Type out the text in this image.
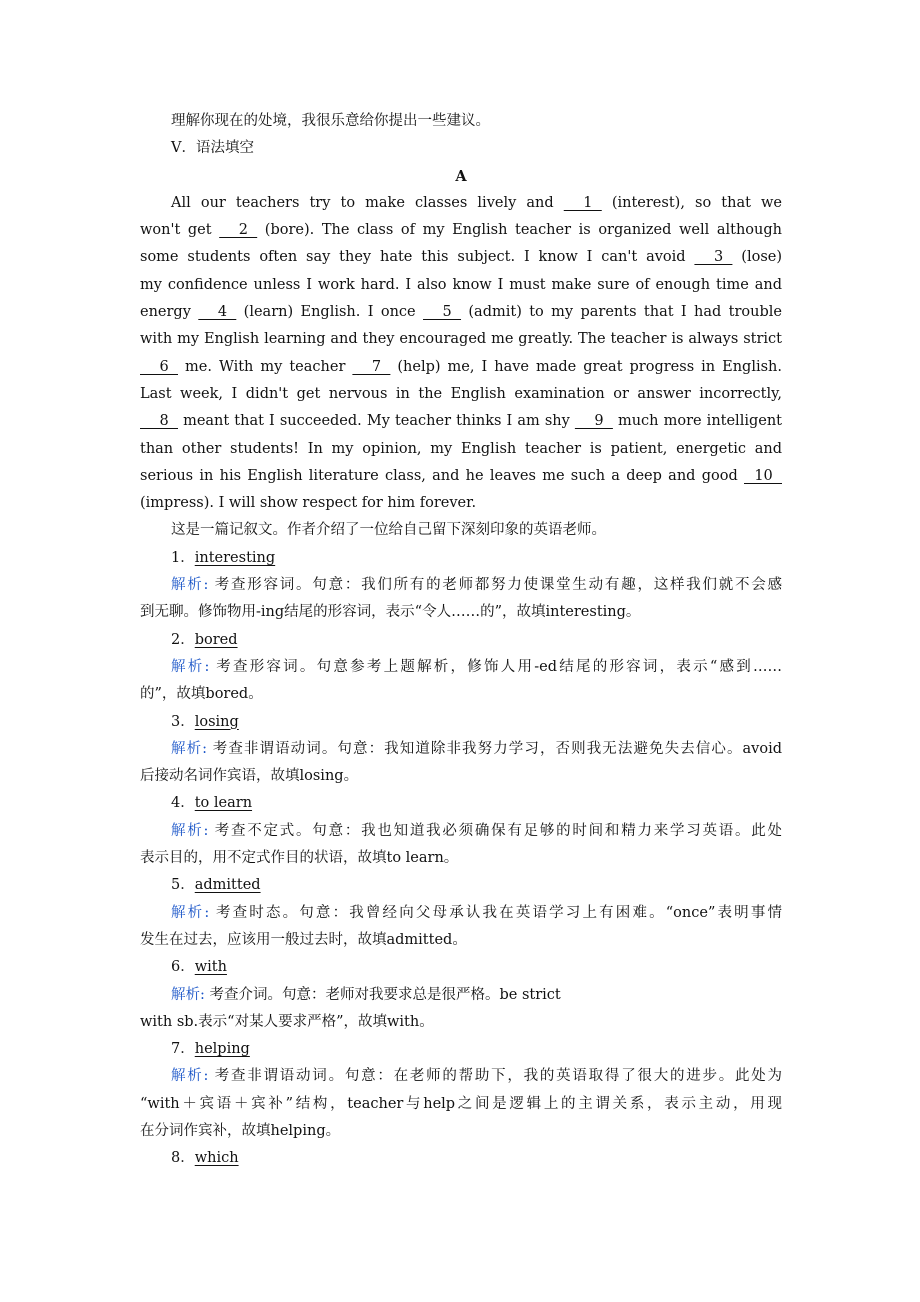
理解你现在的处境，我很乐意给你提出一些建议。

V．语法填空

A

All our teachers try to make classes lively and   1   (interest), so that we

won't get   2   (bore). The class of my English teacher is organized well although

some students often say they hate this subject. I know I can't avoid   3   (lose)

my confidence unless I work hard. I also know I must make sure of enough time and

energy   4   (learn) English. I once   5   (admit) to my parents that I had trouble

with my English learning and they encouraged me greatly. The teacher is always strict

6   me. With my teacher   7   (help) me, I have made great progress in English.

Last week, I didn't get nervous in the English examination or answer incorrectly,

8   meant that I succeeded. My teacher thinks I am shy   9   much more intelligent

than other students! In my opinion, my English teacher is patient, energetic and

serious in his English literature class, and he leaves me such a deep and good   10

(impress). I will show respect for him forever.

这是一篇记叙文。作者介绍了一位给自己留下深刻印象的英语老师。

1．interesting

解析: 考查形容词。句意：我们所有的老师都努力使课堂生动有趣，这样我们就不会感

到无聊。修饰物用-ing结尾的形容词，表示“令人……的”，故填interesting。

2．bored

解析: 考查形容词。句意参考上题解析，修饰人用-ed结尾的形容词，表示“感到……

的”，故填bored。

3．losing

解析: 考查非谓语动词。句意：我知道除非我努力学习，否则我无法避免失去信心。avoid

后接动名词作宾语，故填losing。

4．to learn

解析: 考查不定式。句意：我也知道我必须确保有足够的时间和精力来学习英语。此处

表示目的，用不定式作目的状语，故填to learn。

5．admitted

解析: 考查时态。句意：我曾经向父母承认我在英语学习上有困难。“once”表明事情

发生在过去，应该用一般过去时，故填admitted。

6．with

解析: 考查介词。句意：老师对我要求总是很严格。be strict

with sb.表示“对某人要求严格”，故填with。

7．helping

解析: 考查非谓语动词。句意：在老师的帮助下，我的英语取得了很大的进步。此处为

“with＋宾语＋宾补”结构，teacher与help之间是逻辑上的主谓关系，表示主动，用现

在分词作宾补，故填helping。

8．which
